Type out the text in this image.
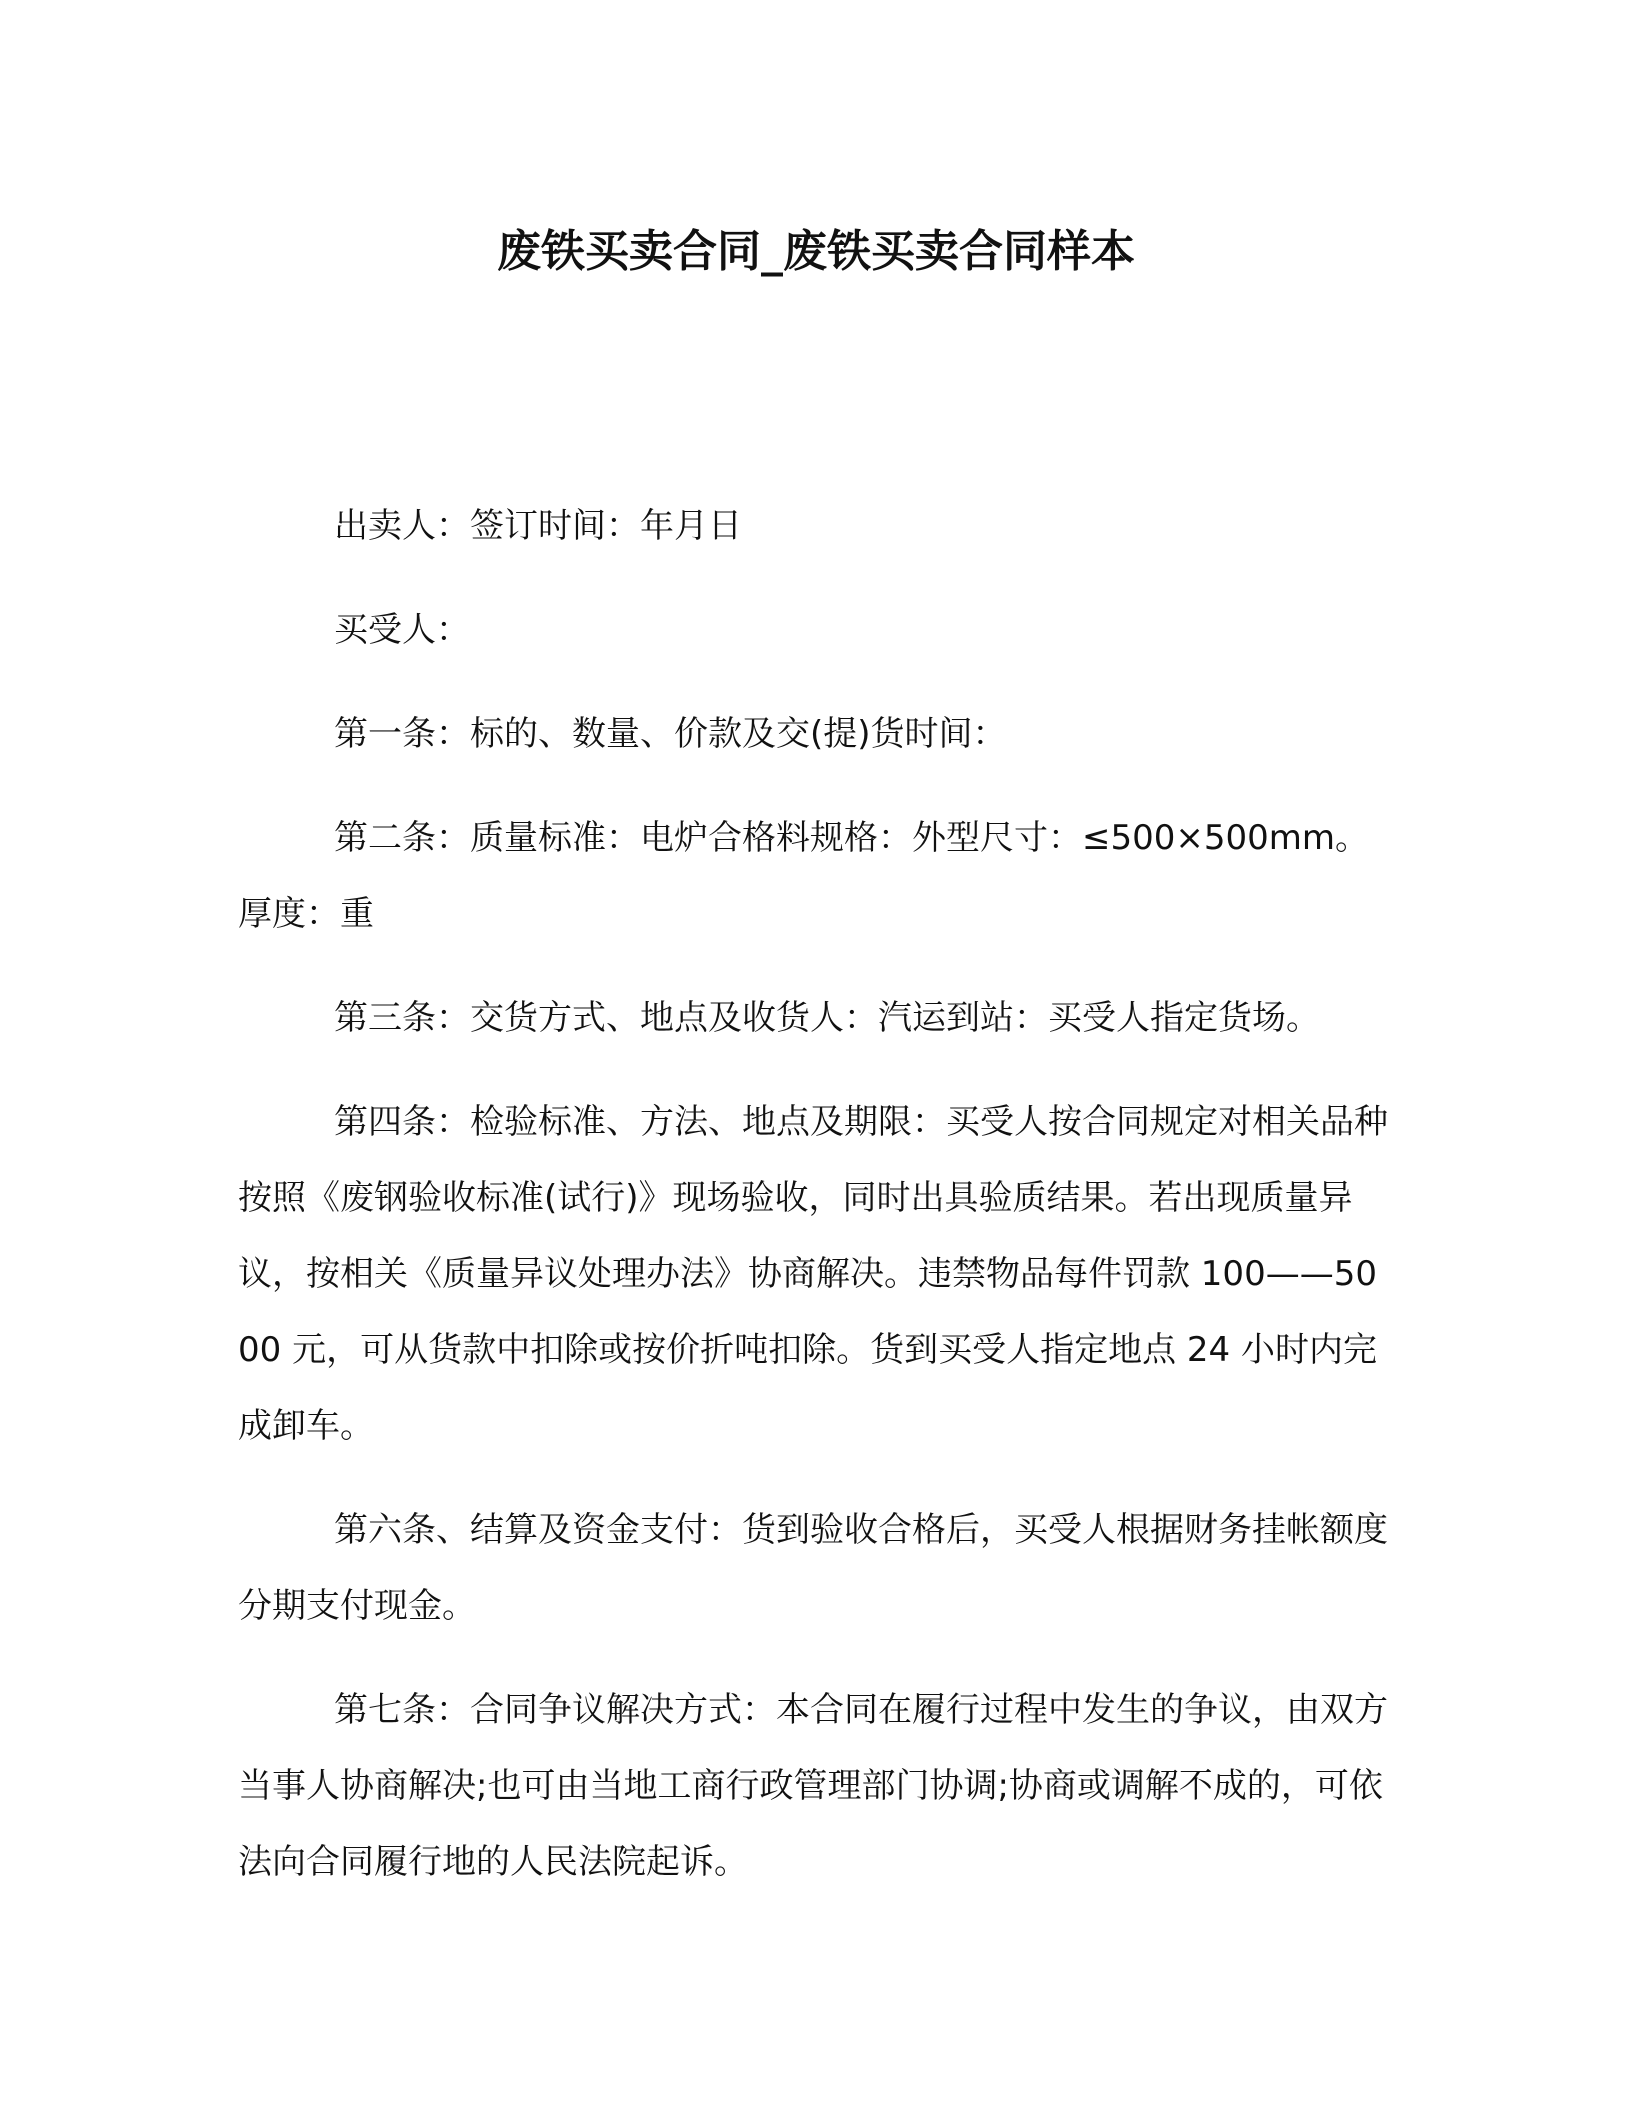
废铁买卖合同_废铁买卖合同样本

出卖人：签订时间：年月日

买受人：

第一条：标的、数量、价款及交(提)货时间：

第二条：质量标准：电炉合格料规格：外型尺寸：≤500×500mm。厚度：重

第三条：交货方式、地点及收货人：汽运到站：买受人指定货场。

第四条：检验标准、方法、地点及期限：买受人按合同规定对相关品种按照《废钢验收标准(试行)》现场验收，同时出具验质结果。若出现质量异议，按相关《质量异议处理办法》协商解决。违禁物品每件罚款 100——5000 元，可从货款中扣除或按价折吨扣除。货到买受人指定地点 24 小时内完成卸车。

第六条、结算及资金支付：货到验收合格后，买受人根据财务挂帐额度分期支付现金。

第七条：合同争议解决方式：本合同在履行过程中发生的争议，由双方当事人协商解决;也可由当地工商行政管理部门协调;协商或调解不成的，可依法向合同履行地的人民法院起诉。
